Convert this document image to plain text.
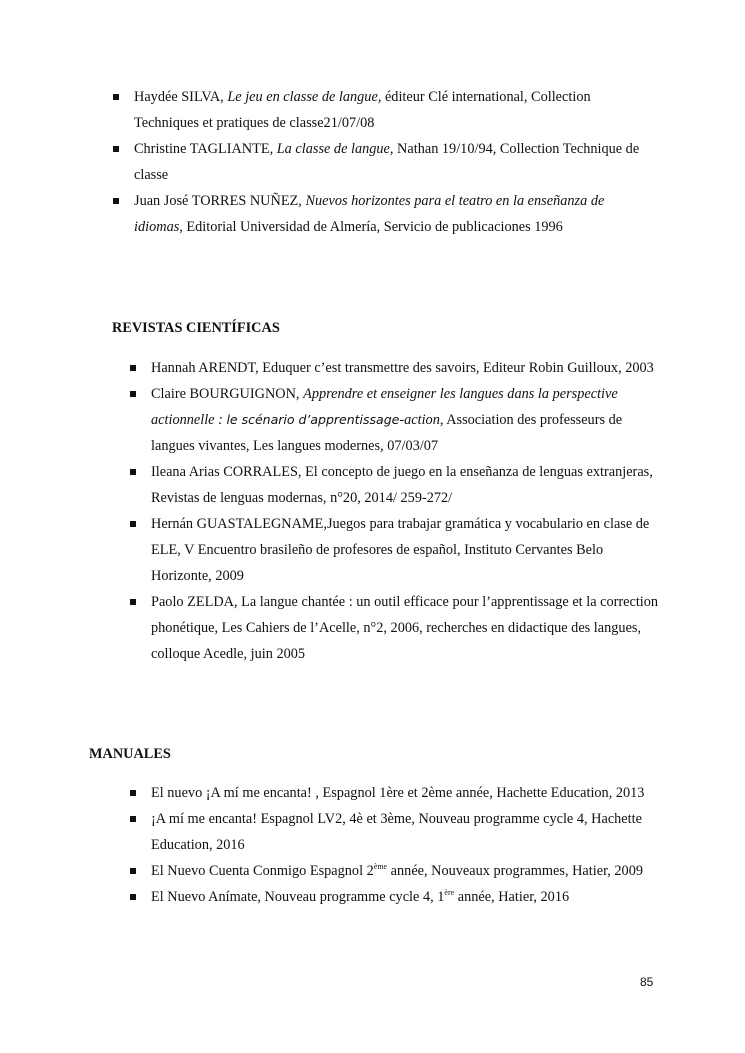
Haydée SILVA, Le jeu en classe de langue, éditeur Clé international, Collection Techniques et pratiques de classe21/07/08
Christine TAGLIANTE, La classe de langue, Nathan 19/10/94, Collection Technique de classe
Juan José TORRES NUÑEZ, Nuevos horizontes para el teatro en la enseñanza de idiomas, Editorial Universidad de Almería, Servicio de publicaciones 1996
REVISTAS CIENTÍFICAS
Hannah ARENDT, Eduquer c’est transmettre des savoirs, Editeur Robin Guilloux, 2003
Claire BOURGUIGNON, Apprendre et enseigner les langues dans la perspective actionnelle : le scénario d’apprentissage-action, Association des professeurs de langues vivantes, Les langues modernes, 07/03/07
Ileana Arias CORRALES, El concepto de juego en la enseñanza de lenguas extranjeras, Revistas de lenguas modernas, n°20, 2014/ 259-272/
Hernán GUASTALEGNAME,Juegos para trabajar gramática y vocabulario en clase de ELE, V Encuentro brasileño de profesores de español, Instituto Cervantes Belo Horizonte, 2009
Paolo ZELDA, La langue chantée : un outil efficace pour l’apprentissage et la correction phonétique, Les Cahiers de l’Acelle, n°2, 2006, recherches en didactique des langues, colloque Acedle, juin 2005
MANUALES
El nuevo ¡A mí me encanta! , Espagnol 1ère et 2ème année, Hachette Education, 2013
¡A mí me encanta! Espagnol LV2, 4è et 3ème, Nouveau programme cycle 4, Hachette Education, 2016
El Nuevo Cuenta Conmigo Espagnol 2ème année, Nouveaux programmes, Hatier, 2009
El Nuevo Anímate, Nouveau programme cycle 4, 1ère année, Hatier, 2016
85
